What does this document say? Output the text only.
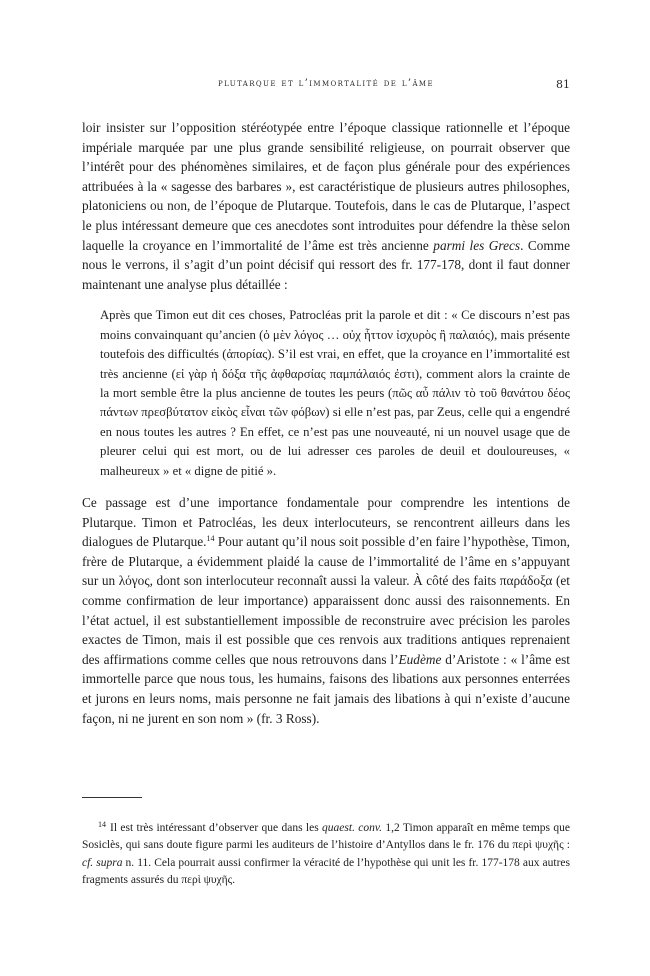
plutarque et l’immortalité de l’âme	81

loir insister sur l’opposition stéréotypée entre l’époque classique rationnelle et l’époque impériale marquée par une plus grande sensibilité religieuse, on pourrait observer que l’intérêt pour des phénomènes similaires, et de façon plus générale pour des expériences attribuées à la « sagesse des barbares », est caractéristique de plusieurs autres philosophes, platoniciens ou non, de l’époque de Plutarque. Toutefois, dans le cas de Plutarque, l’aspect le plus intéressant demeure que ces anecdotes sont introduites pour défendre la thèse selon laquelle la croyance en l’immortalité de l’âme est très ancienne parmi les Grecs. Comme nous le verrons, il s’agit d’un point décisif qui ressort des fr. 177-178, dont il faut donner maintenant une analyse plus détaillée :

Après que Timon eut dit ces choses, Patrocléas prit la parole et dit : « Ce discours n’est pas moins convainquant qu’ancien (ὁ μὲν λόγος … οὐχ ἧττον ἰσχυρὸς ἢ παλαιός), mais présente toutefois des difficultés (ἀπορίας). S’il est vrai, en effet, que la croyance en l’immortalité est très ancienne (εἰ γὰρ ἡ δόξα τῆς ἀφθαρσίας παμπάλαιός ἐστι), comment alors la crainte de la mort semble être la plus ancienne de toutes les peurs (πῶς αὖ πάλιν τὸ τοῦ θανάτου δέος πάντων πρεσβύτατον εἰκὸς εἶναι τῶν φόβων) si elle n’est pas, par Zeus, celle qui a engendré en nous toutes les autres ? En effet, ce n’est pas une nouveauté, ni un nouvel usage que de pleurer celui qui est mort, ou de lui adresser ces paroles de deuil et douloureuses, « malheureux » et « digne de pitié ».

Ce passage est d’une importance fondamentale pour comprendre les intentions de Plutarque. Timon et Patrocléas, les deux interlocuteurs, se rencontrent ailleurs dans les dialogues de Plutarque.$^{14}$ Pour autant qu’il nous soit possible d’en faire l’hypothèse, Timon, frère de Plutarque, a évidemment plaidé la cause de l’immortalité de l’âme en s’appuyant sur un λόγος, dont son interlocuteur reconnaît aussi la valeur. À côté des faits παράδοξα (et comme confirmation de leur importance) apparaissent donc aussi des raisonnements. En l’état actuel, il est substantiellement impossible de reconstruire avec précision les paroles exactes de Timon, mais il est possible que ces renvois aux traditions antiques reprenaient des affirmations comme celles que nous retrouvons dans l’Eudème d’Aristote : « l’âme est immortelle parce que nous tous, les humains, faisons des libations aux personnes enterrées et jurons en leurs noms, mais personne ne fait jamais des libations à qui n’existe d’aucune façon, ni ne jurent en son nom » (fr. 3 Ross).

$^{14}$ Il est très intéressant d’observer que dans les quaest. conv. 1,2 Timon apparaît en même temps que Sosiclès, qui sans doute figure parmi les auditeurs de l’histoire d’Antyllos dans le fr. 176 du περὶ ψυχῆς : cf. supra n. 11. Cela pourrait aussi confirmer la véracité de l’hypothèse qui unit les fr. 177-178 aux autres fragments assurés du περὶ ψυχῆς.
